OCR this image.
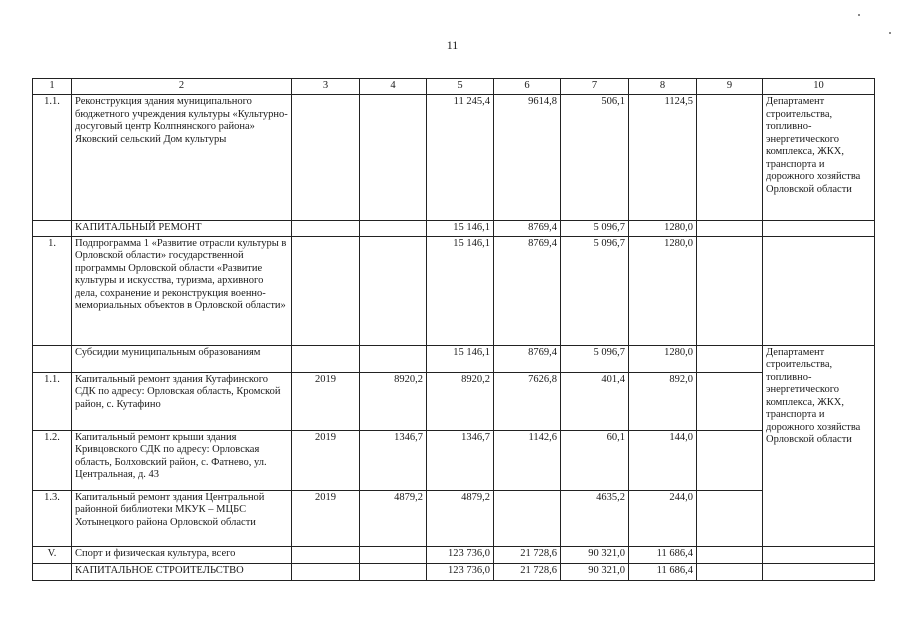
11
1	2	3	4	5	6	7	8	9	10
1.1.	Реконструкция здания муниципального бюджетного учреждения культуры «Культурно-досуговый центр Колпнянского района» Яковский сельский Дом культуры			11 245,4	9614,8	506,1	1124,5		Департамент строительства, топливно-энергетического комплекса, ЖКХ, транспорта и дорожного хозяйства Орловской области
	КАПИТАЛЬНЫЙ РЕМОНТ			15 146,1	8769,4	5 096,7	1280,0		
1.	Подпрограмма 1 «Развитие отрасли культуры в Орловской области» государственной программы Орловской области «Развитие культуры и искусства, туризма, архивного дела, сохранение и реконструкция военно-мемориальных объектов в Орловской области»			15 146,1	8769,4	5 096,7	1280,0		
	Субсидии муниципальным образованиям			15 146,1	8769,4	5 096,7	1280,0		Департамент строительства, топливно-энергетического комплекса, ЖКХ, транспорта и дорожного хозяйства Орловской области
1.1.	Капитальный ремонт здания Кутафинского СДК по адресу: Орловская область, Кромской район, с. Кутафино	2019	8920,2	8920,2	7626,8	401,4	892,0		
1.2.	Капитальный ремонт крыши здания Кривцовского СДК по адресу: Орловская область, Болховский район, с. Фатнево, ул. Центральная, д. 43	2019	1346,7	1346,7	1142,6	60,1	144,0		
1.3.	Капитальный ремонт здания Центральной районной библиотеки МКУК – МЦБС Хотынецкого района Орловской области	2019	4879,2	4879,2		4635,2	244,0		
V.	Спорт и физическая культура, всего			123 736,0	21 728,6	90 321,0	11 686,4		
	КАПИТАЛЬНОЕ СТРОИТЕЛЬСТВО			123 736,0	21 728,6	90 321,0	11 686,4		
